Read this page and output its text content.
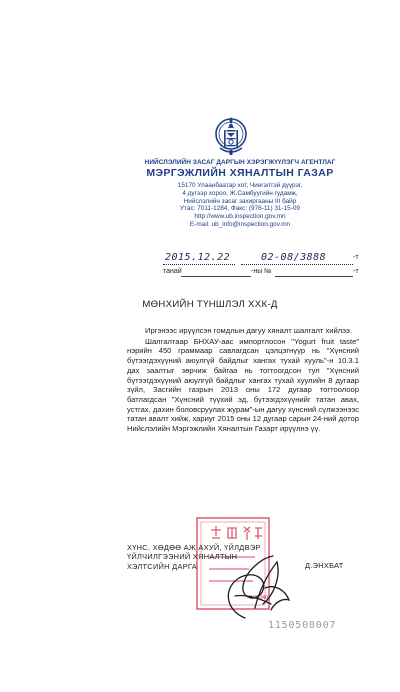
НИЙСЛЭЛИЙН ЗАСАГ ДАРГЫН ХЭРЭГЖҮҮЛЭГЧ АГЕНТЛАГ
МЭРГЭЖЛИЙН ХЯНАЛТЫН ГАЗАР
15170 Улаанбаатар хот, Чингэлтэй дүүрэг,
4 дүгээр хороо, Ж.Самбуугийн гудамж,
Нийслэлийн засаг захиргааны III байр
Утас: 7011-1284, Факс: (976-11) 31-15-09
http://www.ub.inspection.gov.mn
E-mail: ub_info@inspection.gov.mn
2015.12.22	02-08/3888	-т
танай	-ны №	-т
МӨНХИЙН ТҮНШЛЭЛ ХХК-Д

Иргэнээс ирүүлсэн гомдлын дагуу хяналт шалгалт хийлээ.

Шалгалтаар БНХАУ-аас импортлосон "Yogurt fruit taste" нэрийн 450 граммаар савлагдсан цэлцэгнүүр нь "Хүнсний бүтээгдэхүүний аюулгүй байдлыг хангах тухай хууль"-н 10.3.1 дах заалтыг зөрчиж байгаа нь тогтоогдсон тул "Хүнсний бүтээгдэхүүний аюулгүй байдлыг хангах тухай хуулийн 8 дугаар зүйл, Засгийн газрын 2013 оны 172 дугаар тогтоолоор батлагдсан "Хүнсний түүхий эд, бүтээгдэхүүнийг татан авах, устгах, дахин боловсруулах журам"-ын дагуу хүнсний сүлжээнээс татан авалт хийж, хариуг 2015 оны 12 дугаар сарын 24-ний дотор Нийслэлийн Мэргэжлийн Хяналтын Газарт ирүүлнэ үү.

100340
ХҮНС, ХӨДӨӨ АЖ АХУЙ, ҮЙЛДВЭР
ҮЙЛЧИЛГЭЭНИЙ ХЯНАЛТЫН
ХЭЛТСИЙН ДАРГА	Д.ЭНХБАТ
1150508007
